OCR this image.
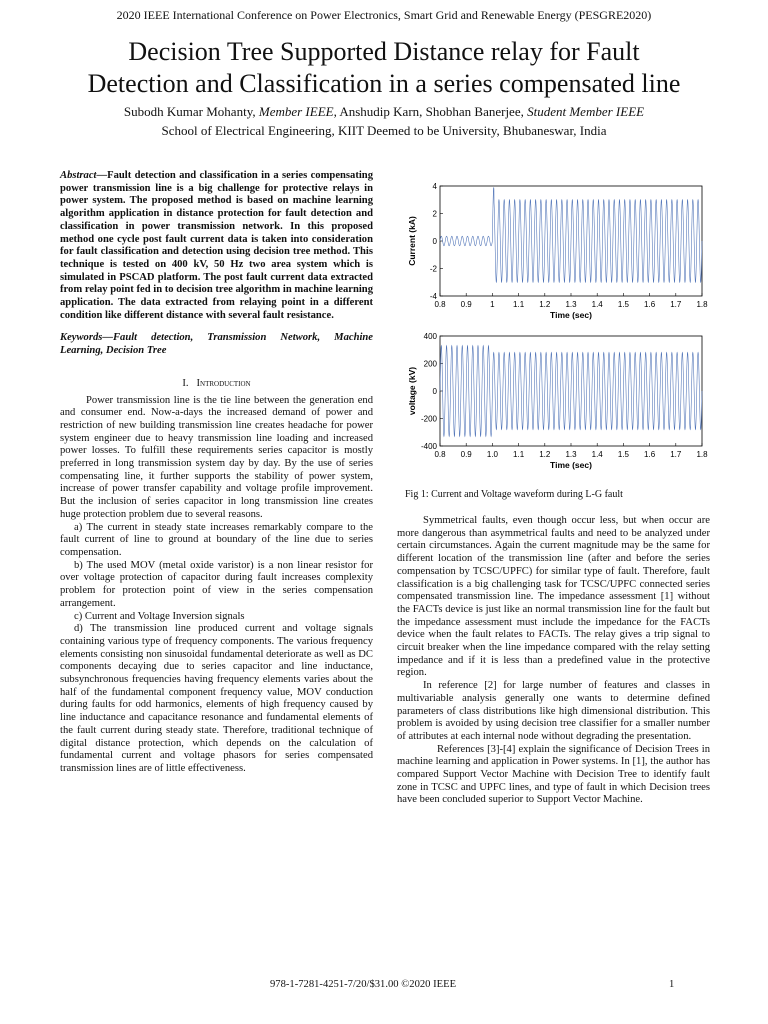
2020 IEEE International Conference on Power Electronics, Smart Grid and Renewable Energy (PESGRE2020)
Decision Tree Supported Distance relay for Fault
Detection and Classification in a series compensated line
Subodh Kumar Mohanty, Member IEEE, Anshudip Karn, Shobhan Banerjee, Student Member IEEE
School of Electrical Engineering, KIIT Deemed to be University, Bhubaneswar, India

Abstract—Fault detection and classification in a series compensating power transmission line is a big challenge for protective relays in power system. The proposed method is based on machine learning algorithm application in distance protection for fault detection and classification in power transmission network. In this proposed method one cycle post fault current data is taken into consideration for fault classification and detection using decision tree method. This technique is tested on 400 kV, 50 Hz two area system which is simulated in PSCAD platform. The post fault current data extracted from relay point fed in to decision tree algorithm in machine learning application. The data extracted from relaying point in a different condition like different distance with several fault resistance.

Keywords—Fault detection, Transmission Network, Machine Learning, Decision Tree

I. Introduction

Power transmission line is the tie line between the generation end and consumer end. Now-a-days the increased demand of power and restriction of new building transmission line creates headache for power system engineer due to heavy transmission line loading and increased power losses. To fulfill these requirements series capacitor is mostly preferred in long transmission system day by day. By the use of series compensating line, it further supports the stability of power system, increase of power transfer capability and voltage profile improvement. But the inclusion of series capacitor in long transmission line creates huge protection problem due to several reasons.

a) The current in steady state increases remarkably compare to the fault current of line to ground at boundary of the line due to series compensation.

b) The used MOV (metal oxide varistor) is a non linear resistor for over voltage protection of capacitor during fault increases complexity problem for protection point of view in the series compensation arrangement.

c) Current and Voltage Inversion signals

d) The transmission line produced current and voltage signals containing various type of frequency components. The various frequency elements consisting non sinusoidal fundamental deteriorate as well as DC components decaying due to series capacitor and line inductance, subsynchronous frequencies having frequency elements varies about the half of the fundamental component frequency value, MOV conduction during faults for odd harmonics, elements of high frequency caused by line inductance and capacitance resonance and fundamental elements of the fault current during steady state. Therefore, traditional technique of digital distance protection, which depends on the calculation of fundamental current and voltage phasors for series compensated transmission lines are of little effectiveness.

0.8 0.9 1 1.1 1.2 1.3 1.4 1.5 1.6 1.7 1.8
4
2
0
-2
-4
Time (sec)
Current (kA)
0.8 0.9 1.0 1.1 1.2 1.3 1.4 1.5 1.6 1.7 1.8
400
200
0
-200
-400
Time (sec)
voltage (kV)
Fig 1: Current and Voltage waveform during L-G fault

Symmetrical faults, even though occur less, but when occur are more dangerous than asymmetrical faults and need to be analyzed under certain circumstances. Again the current magnitude may be the same for different location of the transmission line (after and before the series compensation by TCSC/UPFC) for similar type of fault. Therefore, fault classification is a big challenging task for TCSC/UPFC connected series compensated transmission line. The impedance assessment [1] without the FACTs device is just like an normal transmission line for the fault but the impedance assessment must include the impedance for the FACTs device when the fault relates to FACTs. The relay gives a trip signal to circuit breaker when the line impedance compared with the relay setting impedance and if it is less than a predefined value in the protective region.

In reference [2] for large number of features and classes in multivariable analysis generally one wants to determine defined parameters of class distributions like high dimensional distribution. This problem is avoided by using decision tree classifier for a smaller number of attributes at each internal node without degrading the presentation.

References [3]-[4] explain the significance of Decision Trees in machine learning and application in Power systems. In [1], the author has compared Support Vector Machine with Decision Tree to identify fault zone in TCSC and UPFC lines, and type of fault in which Decision trees have been concluded superior to Support Vector Machine.

978-1-7281-4251-7/20/$31.00 ©2020 IEEE	1
